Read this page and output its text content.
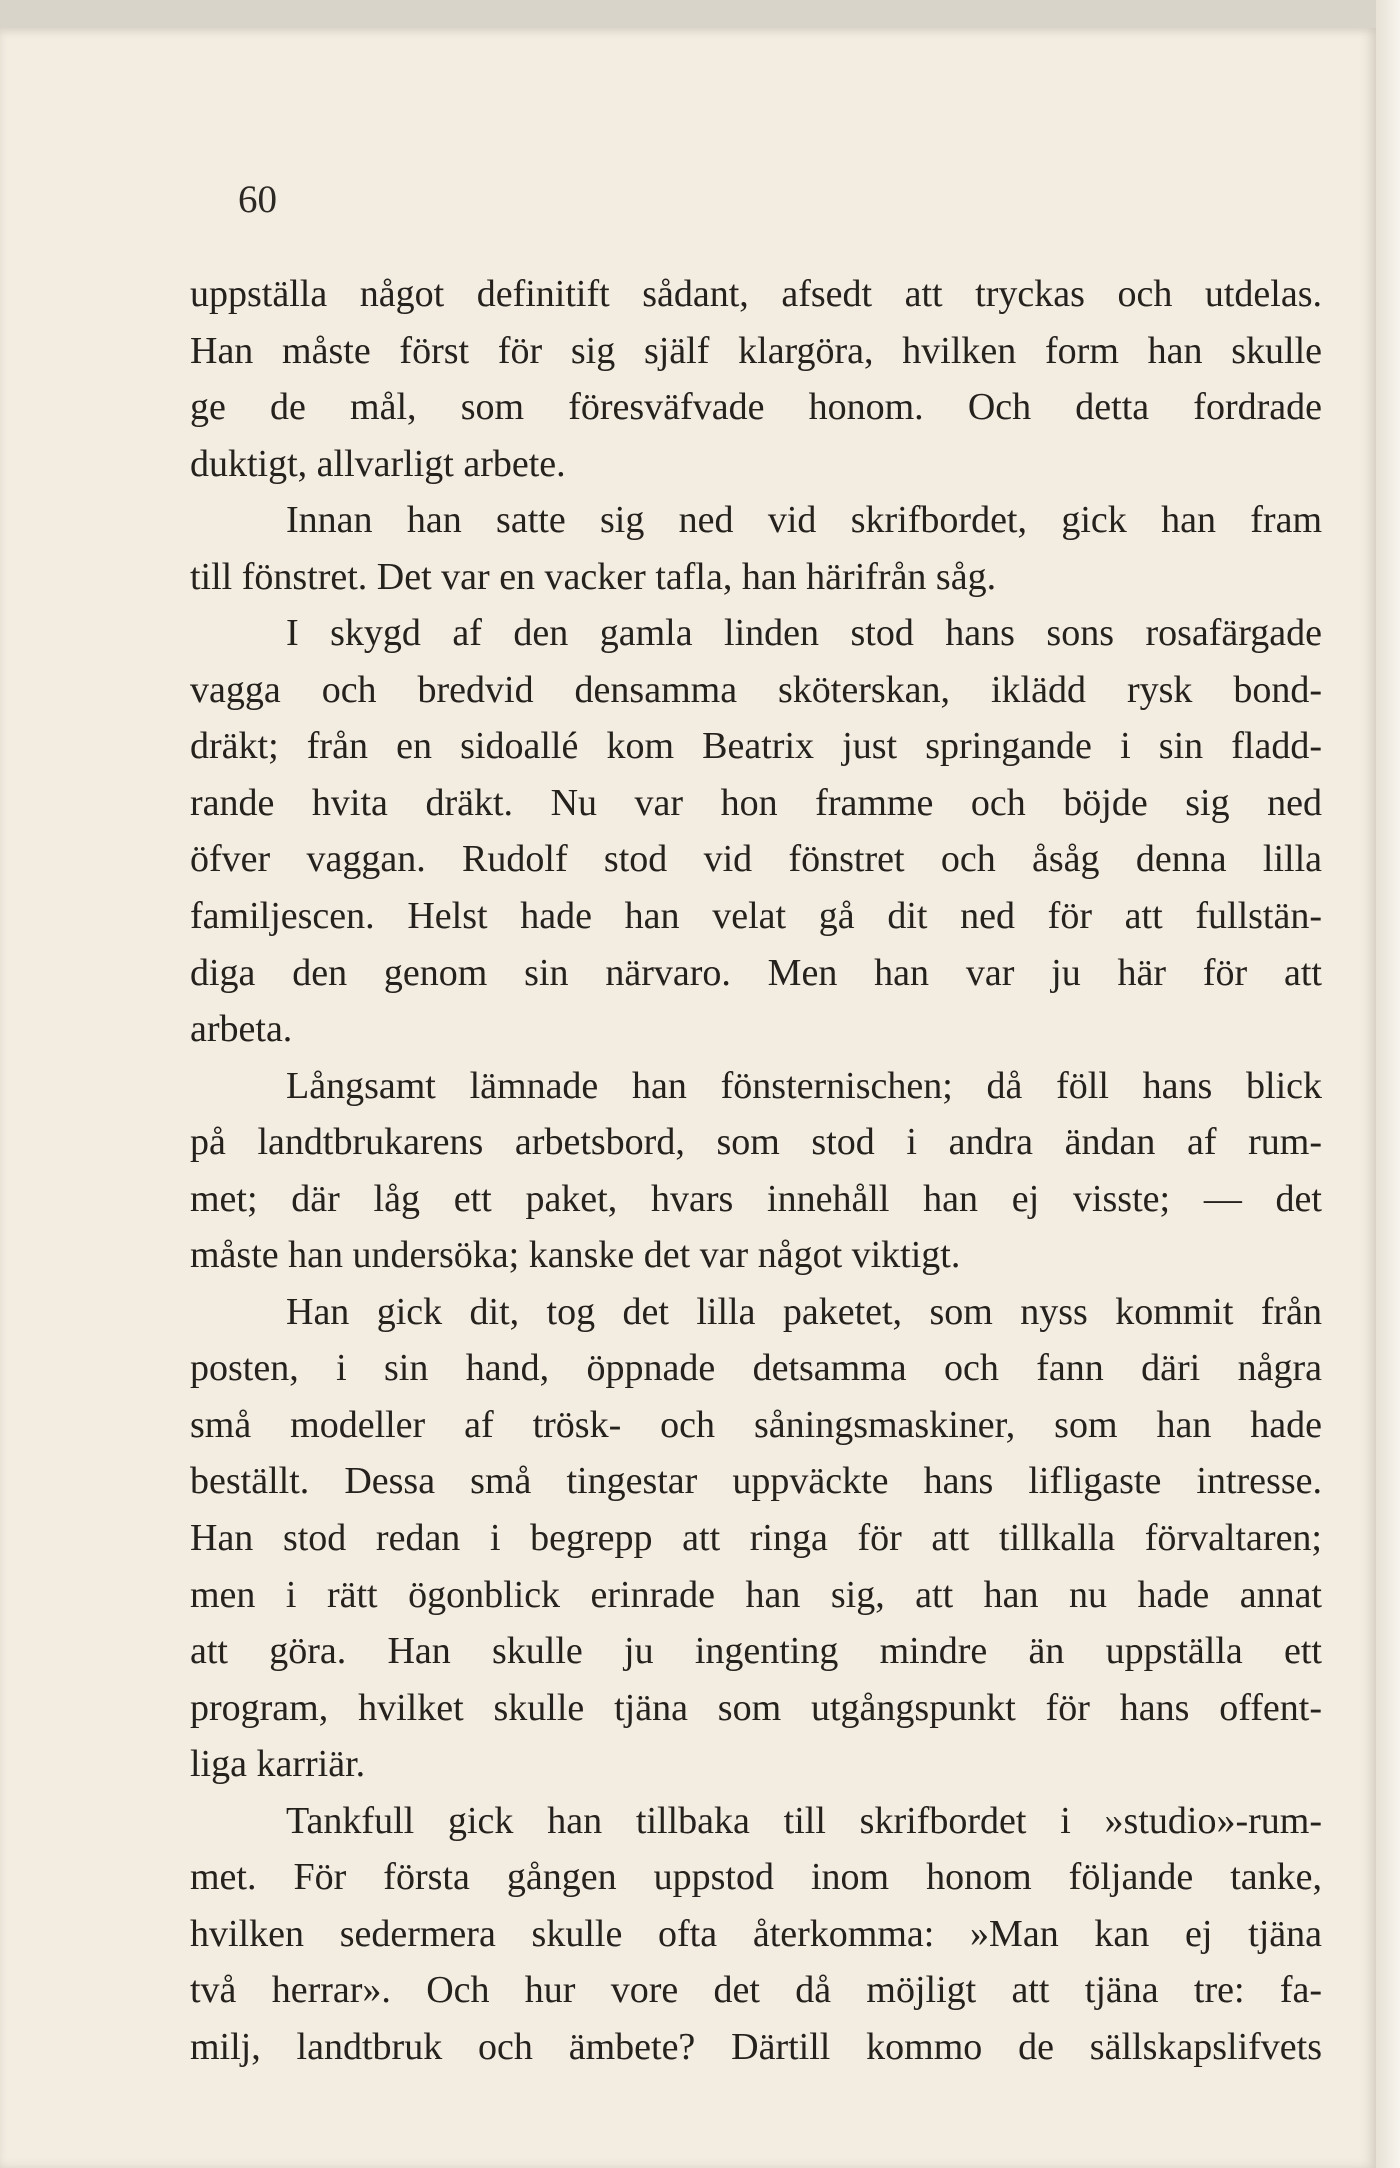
60
uppställa något definitift sådant, afsedt att tryckas och utdelas.
Han måste först för sig själf klargöra, hvilken form han skulle
ge de mål, som föresväfvade honom. Och detta fordrade
duktigt, allvarligt arbete.
Innan han satte sig ned vid skrifbordet, gick han fram
till fönstret. Det var en vacker tafla, han härifrån såg.
I skygd af den gamla linden stod hans sons rosafärgade
vagga och bredvid densamma sköterskan, iklädd rysk bond-
dräkt; från en sidoallé kom Beatrix just springande i sin fladd-
rande hvita dräkt. Nu var hon framme och böjde sig ned
öfver vaggan. Rudolf stod vid fönstret och åsåg denna lilla
familjescen. Helst hade han velat gå dit ned för att fullstän-
diga den genom sin närvaro. Men han var ju här för att
arbeta.
Långsamt lämnade han fönsternischen; då föll hans blick
på landtbrukarens arbetsbord, som stod i andra ändan af rum-
met; där låg ett paket, hvars innehåll han ej visste; — det
måste han undersöka; kanske det var något viktigt.
Han gick dit, tog det lilla paketet, som nyss kommit från
posten, i sin hand, öppnade detsamma och fann däri några
små modeller af trösk- och såningsmaskiner, som han hade
beställt. Dessa små tingestar uppväckte hans lifligaste intresse.
Han stod redan i begrepp att ringa för att tillkalla förvaltaren;
men i rätt ögonblick erinrade han sig, att han nu hade annat
att göra. Han skulle ju ingenting mindre än uppställa ett
program, hvilket skulle tjäna som utgångspunkt för hans offent-
liga karriär.
Tankfull gick han tillbaka till skrifbordet i »studio»-rum-
met. För första gången uppstod inom honom följande tanke,
hvilken sedermera skulle ofta återkomma: »Man kan ej tjäna
två herrar». Och hur vore det då möjligt att tjäna tre: fa-
milj, landtbruk och ämbete? Därtill kommo de sällskapslifvets
